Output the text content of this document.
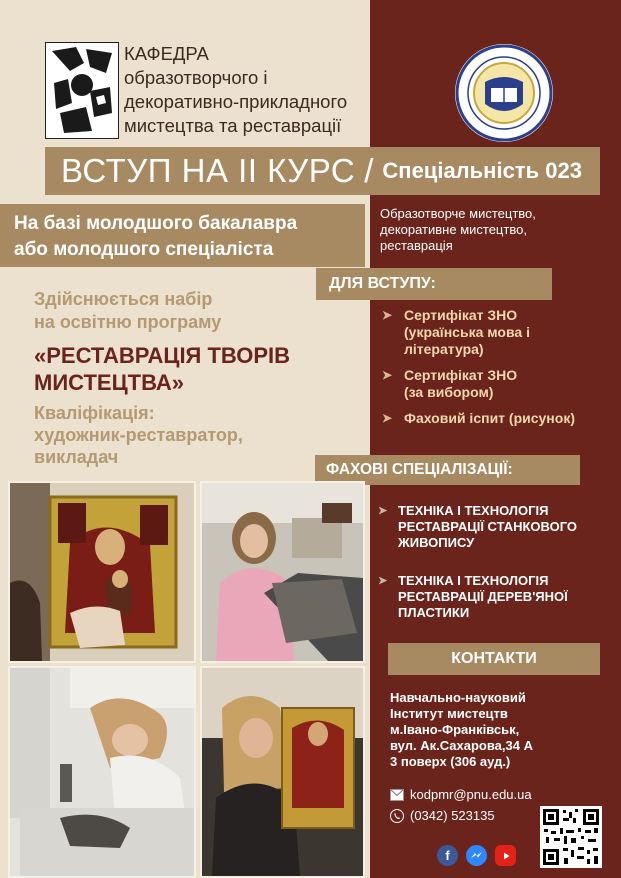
КАФЕДРА
образотворчого і
декоративно-прикладного
мистецтва та реставрації
ВСТУП НА ІІ КУРС / Спеціальність 023
На базі молодшого бакалавра
або молодшого спеціаліста
Образотворче мистецтво,
декоративне мистецтво,
реставрація
ДЛЯ ВСТУПУ:
Здійснюється набір
на освітню програму
«РЕСТАВРАЦІЯ ТВОРІВ
МИСТЕЦТВА»
Кваліфікація:
художник-реставратор,
викладач
➤ Сертифікат ЗНО
(українська мова і
література)
➤ Сертифікат ЗНО
(за вибором)
➤ Фаховий іспит (рисунок)
ФАХОВІ СПЕЦІАЛІЗАЦІЇ:
➤ ТЕХНІКА І ТЕХНОЛОГІЯ
РЕСТАВРАЦІЇ СТАНКОВОГО
ЖИВОПИСУ
➤ ТЕХНІКА І ТЕХНОЛОГІЯ
РЕСТАВРАЦІЇ ДЕРЕВ'ЯНОЇ
ПЛАСТИКИ
КОНТАКТИ
Навчально-науковий
Інститут мистецтв
м.Івано-Франківськ,
вул. Ак.Сахарова,34 А
3 поверх (306 ауд.)
kodpmr@pnu.edu.ua
(0342) 523135
f
